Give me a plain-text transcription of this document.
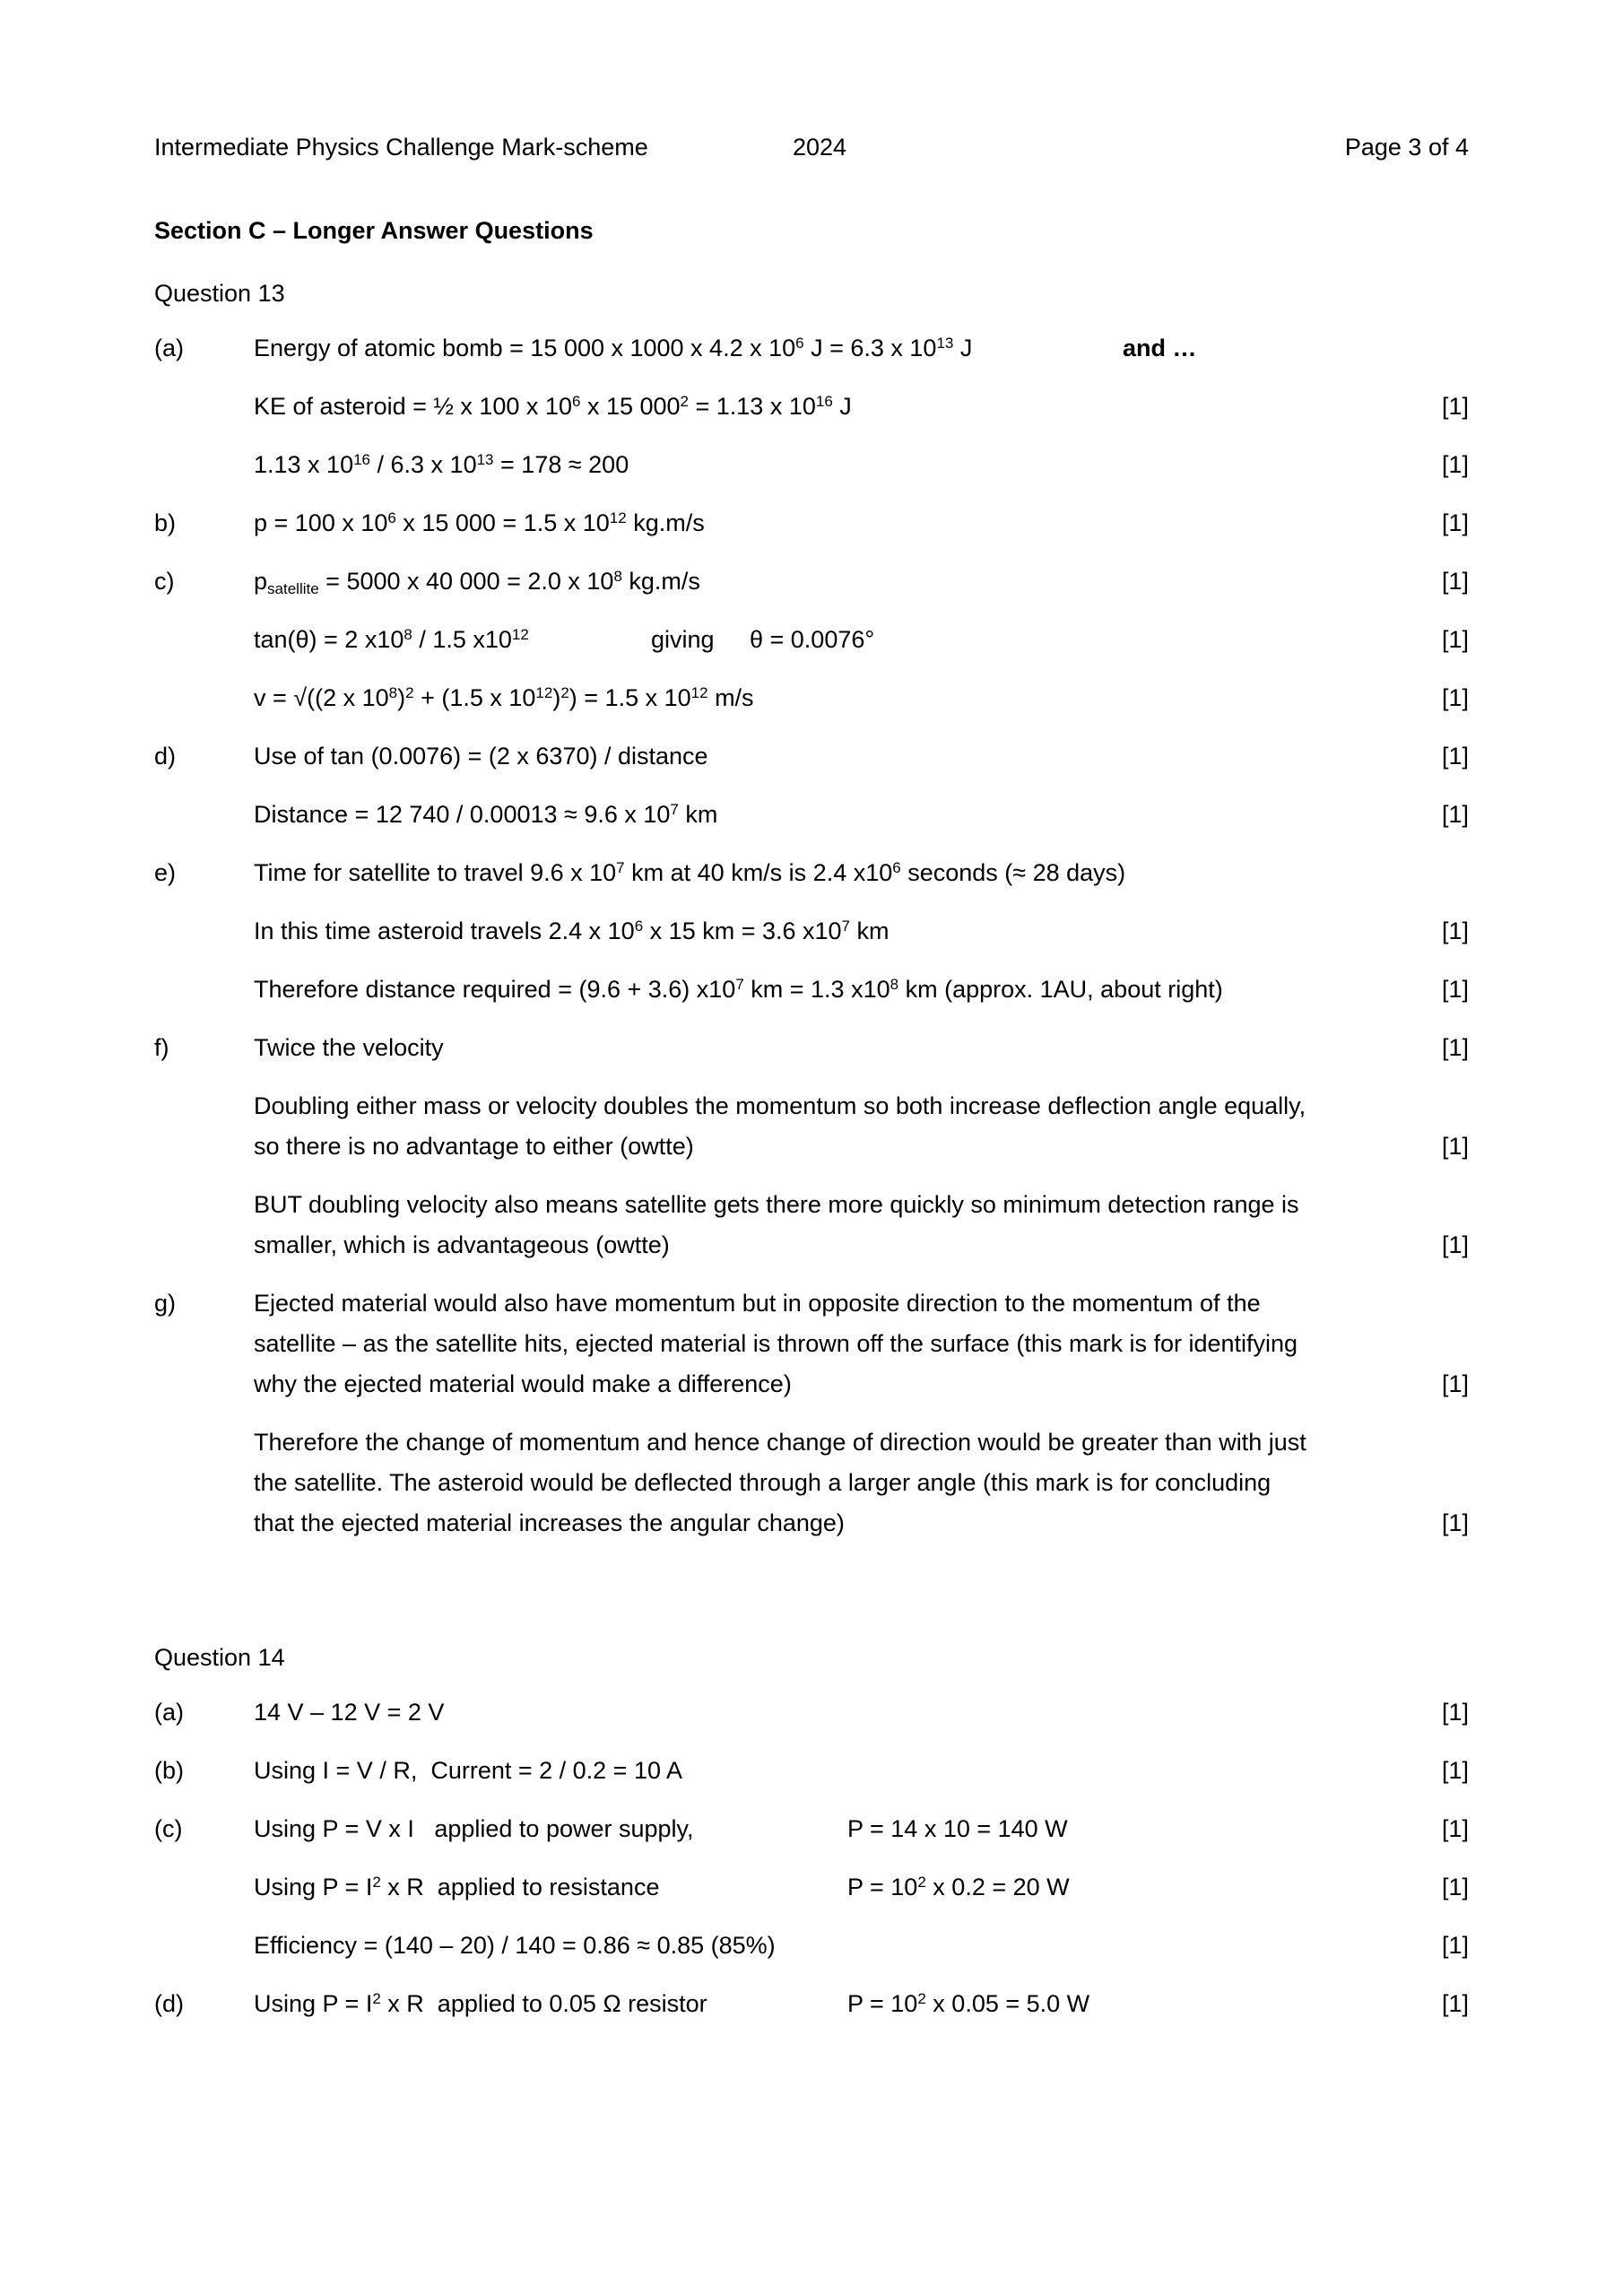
Intermediate Physics Challenge Mark-scheme	2024	Page 3 of 4
Section C – Longer Answer Questions
Question 13
(a)	Energy of atomic bomb = 15 000 x 1000 x 4.2 x $10^6$ J = 6.3 x $10^{13}$ J	and …
KE of asteroid = ½ x 100 x $10^6$ x 15 $000^2 = 1.13$ x $10^{16}$ J	[1]
1.13 x $10^{16} / 6.3$ x $10^{13} = 178 \approx 200$	[1]
b)	p = 100 x $10^6$ x 15 000 = 1.5 x $10^{12}$ kg.m/s	[1]
c)	$p_{satellite} = 5000$ x 40 000 = 2.0 x $10^8$ kg.m/s	[1]
tan(θ) = 2 $x10^8 / 1.5$ $x10^{12}$	giving θ = 0.0076°	[1]
v = √((2 x $10^8)^2 + (1.5$ x $10^{12})^2) = 1.5$ x $10^{12}$ m/s	[1]
d)	Use of tan (0.0076) = (2 x 6370) / distance	[1]
Distance = 12 740 / 0.00013 ≈ 9.6 x $10^7$ km	[1]
e)	Time for satellite to travel 9.6 x $10^7$ km at 40 km/s is 2.4 $x10^6$ seconds (≈ 28 days)
In this time asteroid travels 2.4 x $10^6$ x 15 km = 3.6 $x10^7$ km	[1]
Therefore distance required = (9.6 + 3.6) $x10^7$ km = 1.3 $x10^8$ km (approx. 1AU, about right)	[1]
f)	Twice the velocity	[1]
Doubling either mass or velocity doubles the momentum so both increase deflection angle equally,
so there is no advantage to either (owtte)	[1]
BUT doubling velocity also means satellite gets there more quickly so minimum detection range is
smaller, which is advantageous (owtte)	[1]
g)	Ejected material would also have momentum but in opposite direction to the momentum of the
satellite – as the satellite hits, ejected material is thrown off the surface (this mark is for identifying
why the ejected material would make a difference)	[1]
Therefore the change of momentum and hence change of direction would be greater than with just
the satellite. The asteroid would be deflected through a larger angle (this mark is for concluding
that the ejected material increases the angular change)	[1]
Question 14
(a)	14 V – 12 V = 2 V	[1]
(b)	Using I = V / R,  Current = 2 / 0.2 = 10 A	[1]
(c)	Using P = V x I   applied to power supply,	P = 14 x 10 = 140 W	[1]
Using $P = I^2$ x R  applied to resistance	$P = 10^2$ x 0.2 = 20 W	[1]
Efficiency = (140 – 20) / 140 = 0.86 ≈ 0.85 (85%)	[1]
(d)	Using $P = I^2$ x R  applied to 0.05 Ω resistor	$P = 10^2$ x 0.05 = 5.0 W	[1]
